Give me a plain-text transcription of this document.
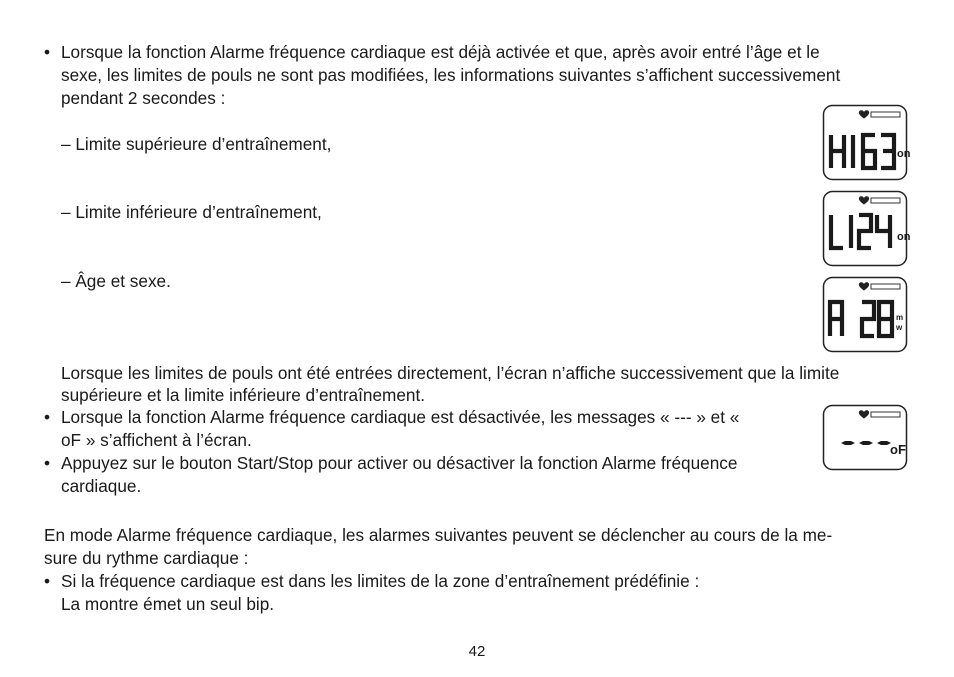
• Lorsque la fonction Alarme fréquence cardiaque est déjà activée et que, après avoir entré l’âge et le
sexe, les limites de pouls ne sont pas modifiées, les informations suivantes s’affichent successivement
pendant 2 secondes :
– Limite supérieure d’entraînement,
– Limite inférieure d’entraînement,
– Âge et sexe.
Lorsque les limites de pouls ont été entrées directement, l’écran n’affiche successivement que la limite
supérieure et la limite inférieure d’entraînement.
• Lorsque la fonction Alarme fréquence cardiaque est désactivée, les messages « --- » et «
oF » s’affichent à l’écran.
• Appuyez sur le bouton Start/Stop pour activer ou désactiver la fonction Alarme fréquence
cardiaque.
En mode Alarme fréquence cardiaque, les alarmes suivantes peuvent se déclencher au cours de la me-
sure du rythme cardiaque :
• Si la fréquence cardiaque est dans les limites de la zone d’entraînement prédéfinie :
La montre émet un seul bip.
42
on
on
m
w
oF
